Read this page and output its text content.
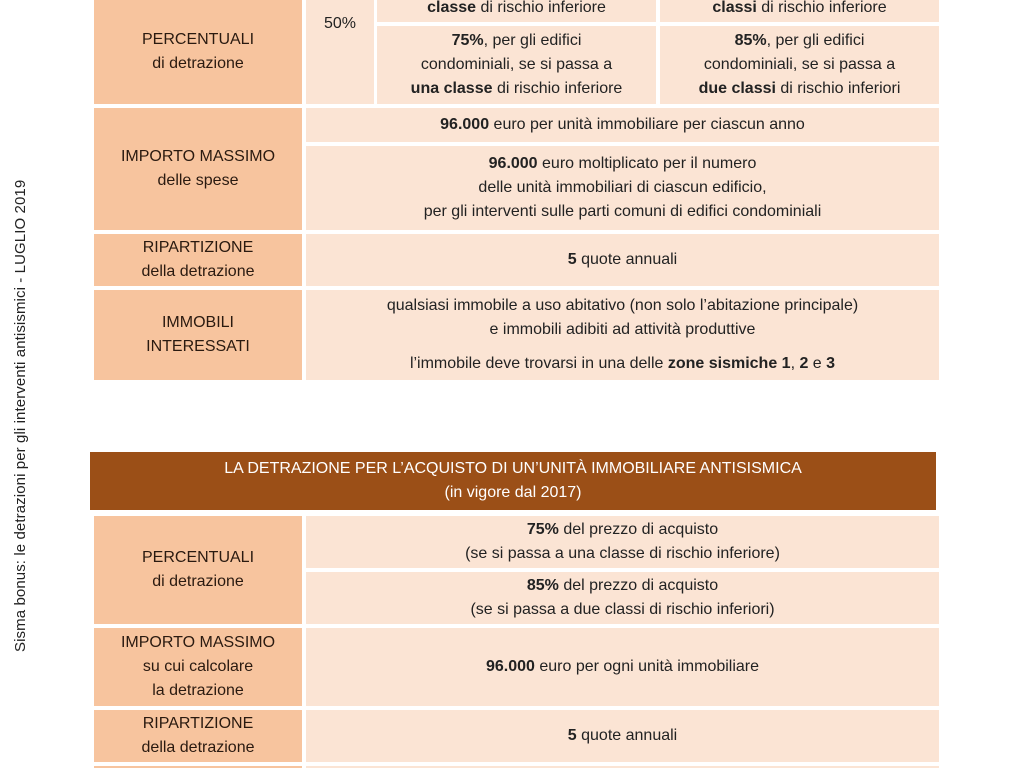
Sisma bonus: le detrazioni per gli interventi antisismici - LUGLIO 2019
PERCENTUALI
di detrazione
50%
classe di rischio inferiore	classi di rischio inferiore
75%, per gli edifici
condominiali, se si passa a
una classe di rischio inferiore
85%, per gli edifici
condominiali, se si passa a
due classi di rischio inferiori
IMPORTO MASSIMO
delle spese
96.000 euro per unità immobiliare per ciascun anno
96.000 euro moltiplicato per il numero
delle unità immobiliari di ciascun edificio,
per gli interventi sulle parti comuni di edifici condominiali
RIPARTIZIONE
della detrazione
5 quote annuali
IMMOBILI
INTERESSATI
qualsiasi immobile a uso abitativo (non solo l’abitazione principale)
e immobili adibiti ad attività produttive
l’immobile deve trovarsi in una delle zone sismiche 1, 2 e 3
LA DETRAZIONE PER L’ACQUISTO DI UN’UNITÀ IMMOBILIARE ANTISISMICA
(in vigore dal 2017)
PERCENTUALI
di detrazione
75% del prezzo di acquisto
(se si passa a una classe di rischio inferiore)
85% del prezzo di acquisto
(se si passa a due classi di rischio inferiori)
IMPORTO MASSIMO
su cui calcolare
la detrazione
96.000 euro per ogni unità immobiliare
RIPARTIZIONE
della detrazione
5 quote annuali
